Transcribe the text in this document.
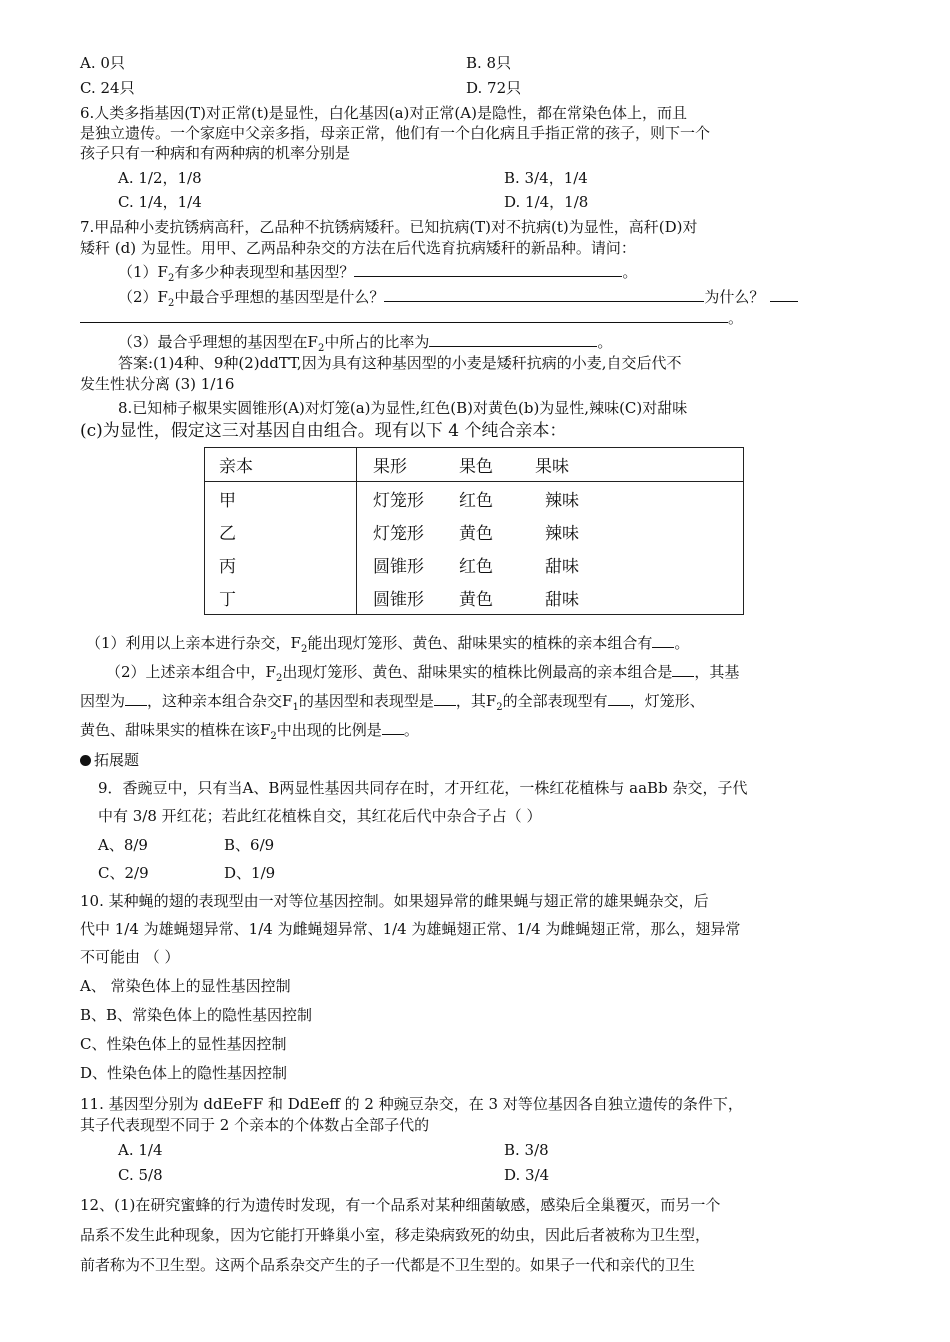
A. 0只	B. 8只
C. 24只	D. 72只
6.人类多指基因(T)对正常(t)是显性，白化基因(a)对正常(A)是隐性，都在常染色体上，而且
是独立遗传。一个家庭中父亲多指，母亲正常，他们有一个白化病且手指正常的孩子，则下一个
孩子只有一种病和有两种病的机率分别是
A. 1/2，1/8	B. 3/4，1/4
C. 1/4，1/4	D. 1/4，1/8
7.甲品种小麦抗锈病高秆，乙品种不抗锈病矮秆。已知抗病(T)对不抗病(t)为显性，高秆(D)对
矮秆 (d) 为显性。用甲、乙两品种杂交的方法在后代选育抗病矮秆的新品种。请问：
$(1)F_2$有多少种表现型和基因型？	。
$(2)F_2$中最合乎理想的基因型是什么？	为什么？
。
（3）最合乎理想的基因型在$F_2$中所占的比率为	。
答案:(1)4种、9种(2)ddTT,因为具有这种基因型的小麦是矮秆抗病的小麦,自交后代不
发生性状分离 (3) 1/16
8.已知柿子椒果实圆锥形(A)对灯笼(a)为显性,红色(B)对黄色(b)为显性,辣味(C)对甜味
(c)为显性，假定这三对基因自由组合。现有以下 4 个纯合亲本：
亲本	果形	果色	果味
甲	灯笼形	红色	辣味
乙	灯笼形	黄色	辣味
丙	圆锥形	红色	甜味
丁	圆锥形	黄色	甜味
（1）利用以上亲本进行杂交，$F_2$能出现灯笼形、黄色、甜味果实的植株的亲本组合有 。
（2）上述亲本组合中，$F_2$出现灯笼形、黄色、甜味果实的植株比例最高的亲本组合是 ，其基
因型为 ，这种亲本组合杂交$F_1$的基因型和表现型是 ，其$F_2$的全部表现型有 ，灯笼形、
黄色、甜味果实的植株在该$F_2$中出现的比例是 。
拓展题
9．香豌豆中，只有当A、B两显性基因共同存在时，才开红花，一株红花植株与 aaBb 杂交，子代
中有 3/8 开红花；若此红花植株自交，其红花后代中杂合子占（ ）
A、8/9	B、6/9
C、2/9	D、1/9
10. 某种蝇的翅的表现型由一对等位基因控制。如果翅异常的雌果蝇与翅正常的雄果蝇杂交，后
代中 1/4 为雄蝇翅异常、1/4 为雌蝇翅异常、1/4 为雄蝇翅正常、1/4 为雌蝇翅正常，那么，翅异常
不可能由 （ ）
A、 常染色体上的显性基因控制
B、B、常染色体上的隐性基因控制
C、性染色体上的显性基因控制
D、性染色体上的隐性基因控制
11. 基因型分别为 ddEeFF 和 DdEeff 的 2 种豌豆杂交，在 3 对等位基因各自独立遗传的条件下，
其子代表现型不同于 2 个亲本的个体数占全部子代的
A. 1/4	B. 3/8
C. 5/8	D. 3/4
12、(1)在研究蜜蜂的行为遗传时发现，有一个品系对某种细菌敏感，感染后全巢覆灭，而另一个
品系不发生此种现象，因为它能打开蜂巢小室，移走染病致死的幼虫，因此后者被称为卫生型，
前者称为不卫生型。这两个品系杂交产生的子一代都是不卫生型的。如果子一代和亲代的卫生
